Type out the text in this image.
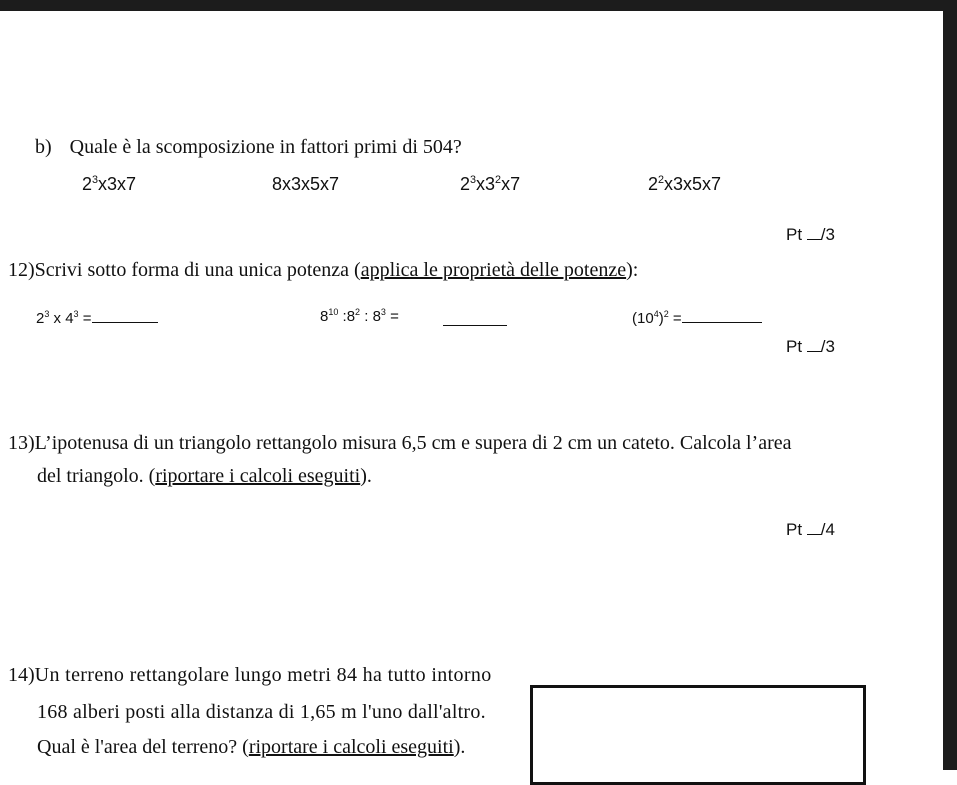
b) Quale è la scomposizione in fattori primi di 504?
$2^3x3x7$	8x3x5x7	$2^3x3^2x7$	$2^2x3x5x7$
Pt /3
12)Scrivi sotto forma di una unica potenza (applica le proprietà delle potenze):
$2^3$ x $4^3$ =	$8^{10}$ $:8^2$ : $8^3$ =	$(10^4)^2$ =
Pt /3
13)L’ipotenusa di un triangolo rettangolo misura 6,5 cm e supera di 2 cm un cateto. Calcola l’area
del triangolo. (riportare i calcoli eseguiti).
Pt /4
14)Un terreno rettangolare lungo metri 84 ha tutto intorno
168 alberi posti alla distanza di 1,65 m l'uno dall'altro.
Qual è l'area del terreno? (riportare i calcoli eseguiti).
